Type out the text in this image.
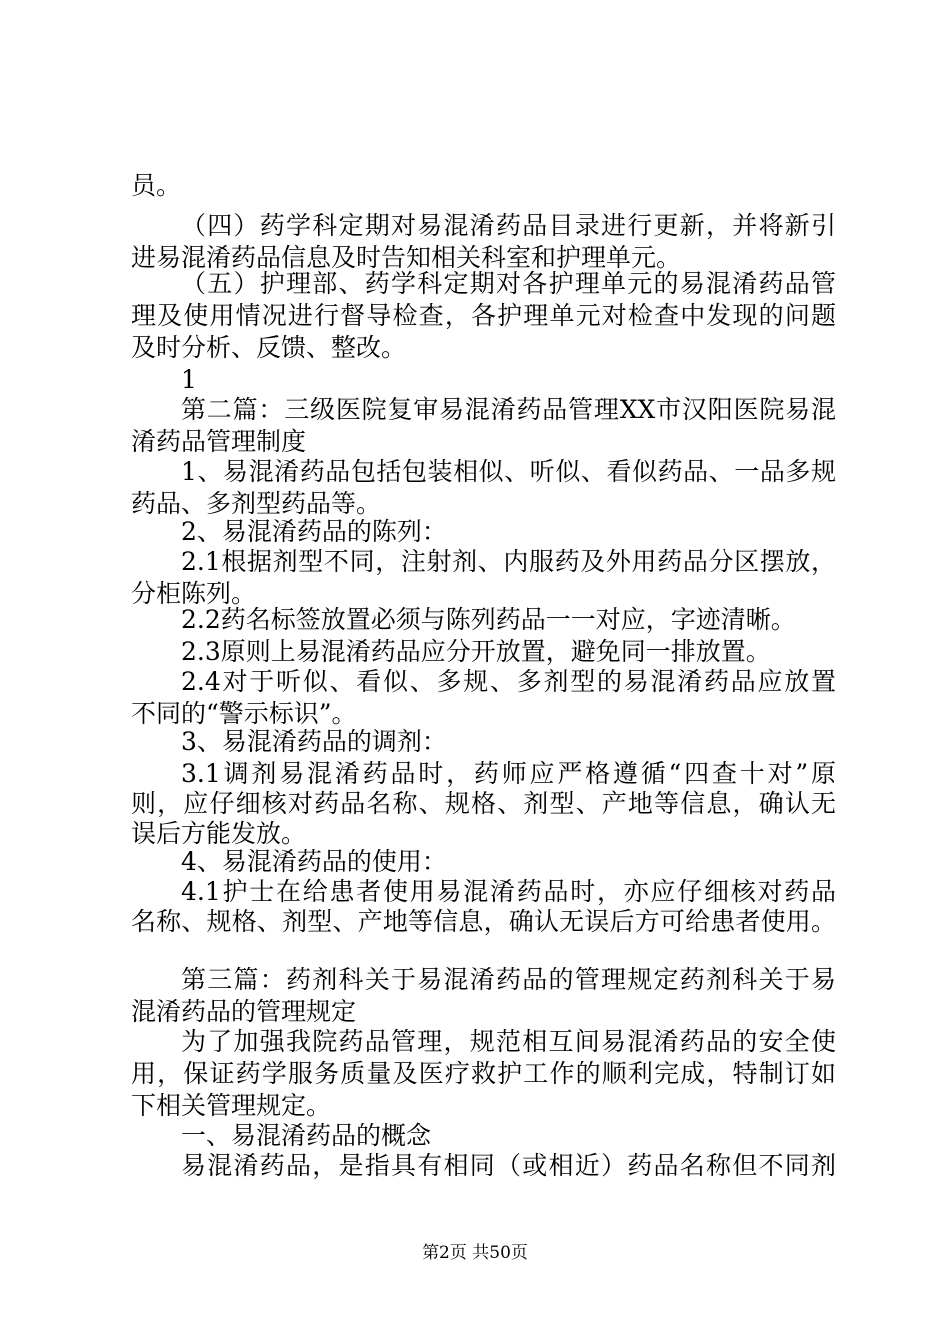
员。
（四）药学科定期对易混淆药品目录进行更新，并将新引
进易混淆药品信息及时告知相关科室和护理单元。
（五）护理部、药学科定期对各护理单元的易混淆药品管
理及使用情况进行督导检查，各护理单元对检查中发现的问题
及时分析、反馈、整改。
1
第二篇：三级医院复审易混淆药品管理XX市汉阳医院易混
淆药品管理制度
1、易混淆药品包括包装相似、听似、看似药品、一品多规
药品、多剂型药品等。
2、易混淆药品的陈列：
2.1根据剂型不同，注射剂、内服药及外用药品分区摆放，
分柜陈列。
2.2药名标签放置必须与陈列药品一一对应，字迹清晰。
2.3原则上易混淆药品应分开放置，避免同一排放置。
2.4对于听似、看似、多规、多剂型的易混淆药品应放置
不同的“警示标识”。
3、易混淆药品的调剂：
3.1调剂易混淆药品时，药师应严格遵循“四查十对”原
则，应仔细核对药品名称、规格、剂型、产地等信息，确认无
误后方能发放。
4、易混淆药品的使用：
4.1护士在给患者使用易混淆药品时，亦应仔细核对药品
名称、规格、剂型、产地等信息，确认无误后方可给患者使用。
第三篇：药剂科关于易混淆药品的管理规定药剂科关于易
混淆药品的管理规定
为了加强我院药品管理，规范相互间易混淆药品的安全使
用，保证药学服务质量及医疗救护工作的顺利完成，特制订如
下相关管理规定。
一、易混淆药品的概念
易混淆药品，是指具有相同（或相近）药品名称但不同剂
第2页 共50页
